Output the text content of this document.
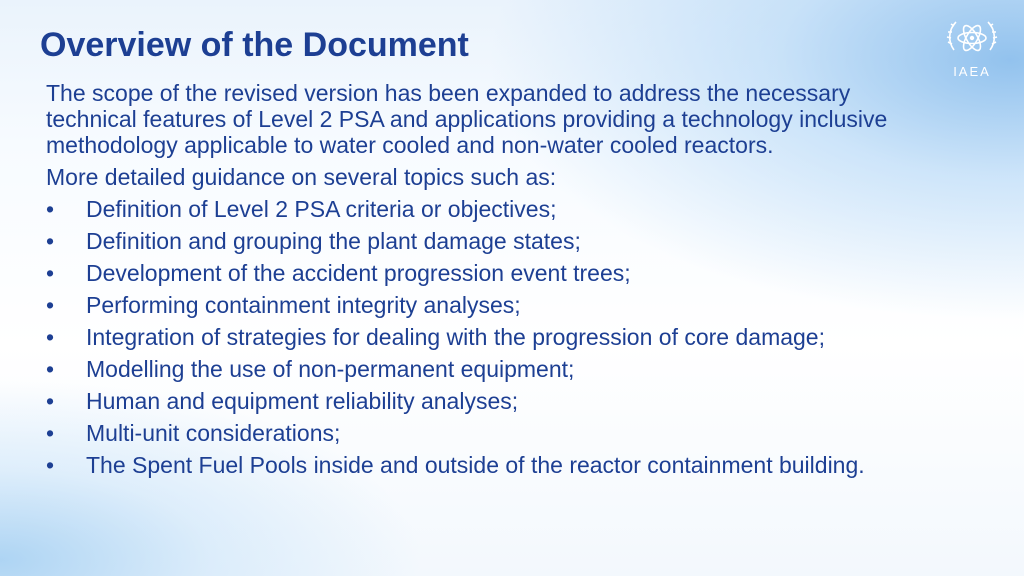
Overview of the Document
IAEA

The scope of the revised version has been expanded to address the necessary technical features of Level 2 PSA and applications providing a technology inclusive methodology applicable to water cooled and non-water cooled reactors.

More detailed guidance on several topics such as:

• Definition of Level 2 PSA criteria or objectives;
• Definition and grouping the plant damage states;
• Development of the accident progression event trees;
• Performing containment integrity analyses;
• Integration of strategies for dealing with the progression of core damage;
• Modelling the use of non-permanent equipment;
• Human and equipment reliability analyses;
• Multi-unit considerations;
• The Spent Fuel Pools inside and outside of the reactor containment building.
